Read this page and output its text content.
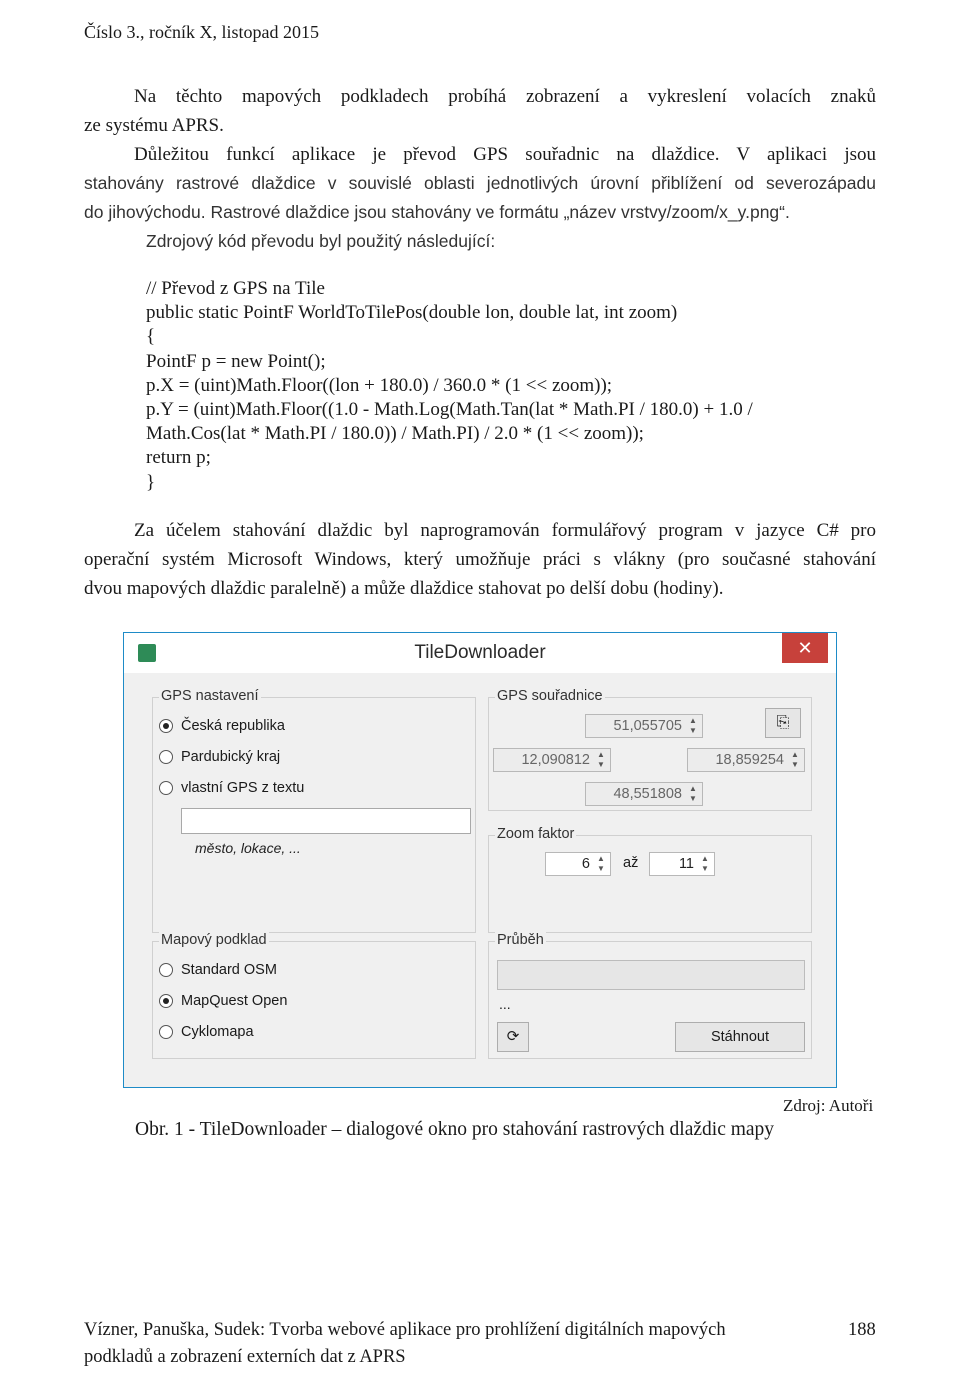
Číslo 3., ročník X, listopad 2015
Na těchto mapových podkladech probíhá zobrazení a vykreslení volacích znaků
ze systému APRS.
Důležitou funkcí aplikace je převod GPS souřadnic na dlaždice. V aplikaci jsou
stahovány rastrové dlaždice v souvislé oblasti jednotlivých úrovní přiblížení od severozápadu
do jihovýchodu. Rastrové dlaždice jsou stahovány ve formátu „název vrstvy/zoom/x_y.png“.
Zdrojový kód převodu byl použitý následující:
// Převod z GPS na Tile
public static PointF WorldToTilePos(double lon, double lat, int zoom)
{
PointF p = new Point();
p.X = (uint)Math.Floor((lon + 180.0) / 360.0 * (1 << zoom));
p.Y = (uint)Math.Floor((1.0 - Math.Log(Math.Tan(lat * Math.PI / 180.0) + 1.0 /
Math.Cos(lat * Math.PI / 180.0)) / Math.PI) / 2.0 * (1 << zoom));
return p;
}
Za účelem stahování dlaždic byl naprogramován formulářový program v jazyce C# pro
operační systém Microsoft Windows, který umožňuje práci s vlákny (pro současné stahování
dvou mapových dlaždic paralelně) a může dlaždice stahovat po delší dobu (hodiny).
TileDownloader	✕
GPS nastavení
Česká republika
Pardubický kraj
vlastní GPS z textu
město, lokace, ...
GPS souřadnice
51,055705 ▲
▼	⎘
12,090812 ▲
▼	18,859254 ▲
▼
48,551808 ▲
▼
Zoom faktor
6 ▲
▼ až	11 ▲
▼
Mapový podklad
Standard OSM
MapQuest Open
Cyklomapa
Průběh
...
⟳	Stáhnout
Zdroj: Autoři
Obr. 1 - TileDownloader – dialogové okno pro stahování rastrových dlaždic mapy
Vízner, Panuška, Sudek: Tvorba webové aplikace pro prohlížení digitálních mapových
podkladů a zobrazení externích dat z APRS
188
